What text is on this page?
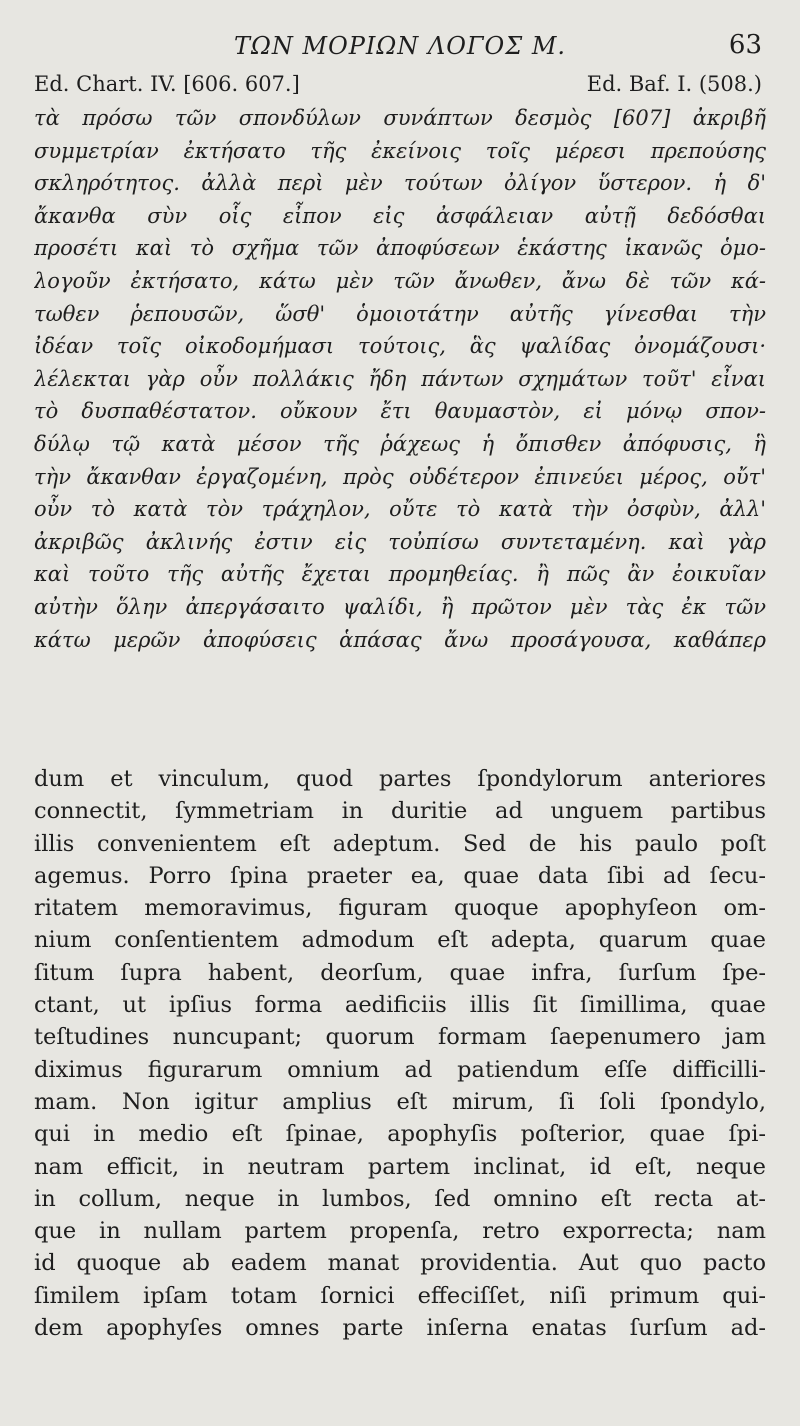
ΤΩΝ ΜΟΡΙΩΝ ΛΟΓΟΣ Μ.	63
Ed. Chart. IV. [606. 607.]	Ed. Baf. I. (508.)
τὰ πρόσω τῶν σπονδύλων συνάπτων δεσμὸς [607] ἀκριβῆ
συμμετρίαν ἐκτήσατο τῆς ἐκείνοις τοῖς μέρεσι πρεπούσης
σκληρότητος. ἀλλὰ περὶ μὲν τούτων ὀλίγον ὕστερον. ἡ δ'
ἄκανθα σὺν οἷς εἶπον εἰς ἀσφάλειαν αὐτῇ δεδόσθαι
προσέτι καὶ τὸ σχῆμα τῶν ἀποφύσεων ἑκάστης ἱκανῶς ὁμο-
λογοῦν ἐκτήσατο, κάτω μὲν τῶν ἄνωθεν, ἄνω δὲ τῶν κά-
τωθεν ῥεπουσῶν, ὥσθ' ὁμοιοτάτην αὐτῆς γίνεσθαι τὴν
ἰδέαν τοῖς οἰκοδομήμασι τούτοις, ἃς ψαλίδας ὀνομάζουσι·
λέλεκται γὰρ οὖν πολλάκις ἤδη πάντων σχημάτων τοῦτ' εἶναι
τὸ δυσπαθέστατον. οὔκουν ἔτι θαυμαστὸν, εἰ μόνῳ σπον-
δύλῳ τῷ κατὰ μέσον τῆς ῥάχεως ἡ ὄπισθεν ἀπόφυσις, ἣ
τὴν ἄκανθαν ἐργαζομένη, πρὸς οὐδέτερον ἐπινεύει μέρος, οὔτ'
οὖν τὸ κατὰ τὸν τράχηλον, οὔτε τὸ κατὰ τὴν ὀσφὺν, ἀλλ'
ἀκριβῶς ἀκλινής ἐστιν εἰς τοὐπίσω συντεταμένη. καὶ γὰρ
καὶ τοῦτο τῆς αὐτῆς ἔχεται προμηθείας. ἢ πῶς ἂν ἐοικυῖαν
αὐτὴν ὅλην ἀπεργάσαιτο ψαλίδι, ἢ πρῶτον μὲν τὰς ἐκ τῶν
κάτω μερῶν ἀποφύσεις ἁπάσας ἄνω προσάγουσα, καθάπερ
dum et vinculum, quod partes ſpondylorum anteriores
connectit, ſymmetriam in duritie ad unguem partibus
illis convenientem eſt adeptum. Sed de his paulo poſt
agemus. Porro ſpina praeter ea, quae data ſibi ad ſecu-
ritatem memoravimus, figuram quoque apophyſeon om-
nium conſentientem admodum eſt adepta, quarum quae
ſitum ſupra habent, deorſum, quae infra, ſurſum ſpe-
ctant, ut ipſius forma aedificiis illis ſit ſimillima, quae
teſtudines nuncupant; quorum formam ſaepenumero jam
diximus figurarum omnium ad patiendum eſſe difficilli-
mam. Non igitur amplius eſt mirum, ſi ſoli ſpondylo,
qui in medio eſt ſpinae, apophyſis poſterior, quae ſpi-
nam efficit, in neutram partem inclinat, id eſt, neque
in collum, neque in lumbos, ſed omnino eſt recta at-
que in nullam partem propenſa, retro exporrecta; nam
id quoque ab eadem manat providentia. Aut quo pacto
ſimilem ipſam totam ſornici effeciſſet, niſi primum qui-
dem apophyſes omnes parte inſerna enatas ſurſum ad-
